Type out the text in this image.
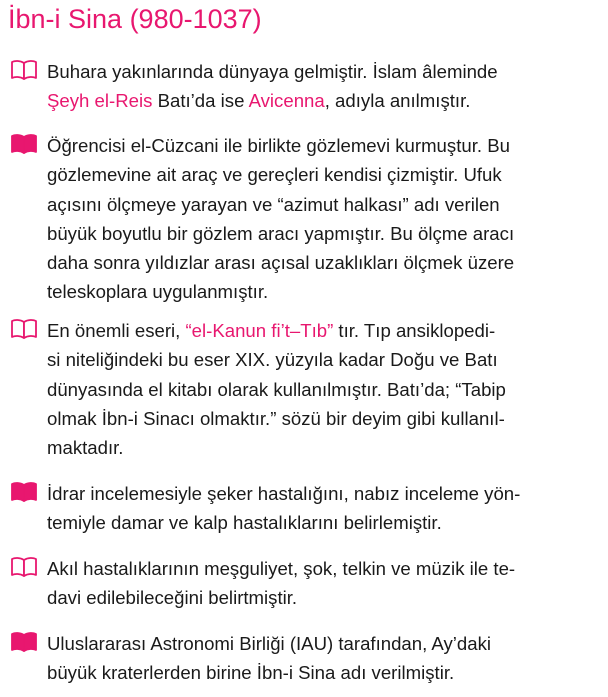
İbn-i Sina (980-1037)
Buhara yakınlarında dünyaya gelmiştir. İslam âleminde
Şeyh el-Reis Batı’da ise Avicenna, adıyla anılmıştır.
Öğrencisi el-Cüzcani ile birlikte gözlemevi kurmuştur. Bu
gözlemevine ait araç ve gereçleri kendisi çizmiştir. Ufuk
açısını ölçmeye yarayan ve “azimut halkası” adı verilen
büyük boyutlu bir gözlem aracı yapmıştır. Bu ölçme aracı
daha sonra yıldızlar arası açısal uzaklıkları ölçmek üzere
teleskoplara uygulanmıştır.
En önemli eseri, “el-Kanun fi’t–Tıb” tır. Tıp ansiklopedi-
si niteliğindeki bu eser XIX. yüzyıla kadar Doğu ve Batı
dünyasında el kitabı olarak kullanılmıştır. Batı’da; “Tabip
olmak İbn-i Sinacı olmaktır.” sözü bir deyim gibi kullanıl-
maktadır.
İdrar incelemesiyle şeker hastalığını, nabız inceleme yön-
temiyle damar ve kalp hastalıklarını belirlemiştir.
Akıl hastalıklarının meşguliyet, şok, telkin ve müzik ile te-
davi edilebileceğini belirtmiştir.
Uluslararası Astronomi Birliği (IAU) tarafından, Ay’daki
büyük kraterlerden birine İbn-i Sina adı verilmiştir.
